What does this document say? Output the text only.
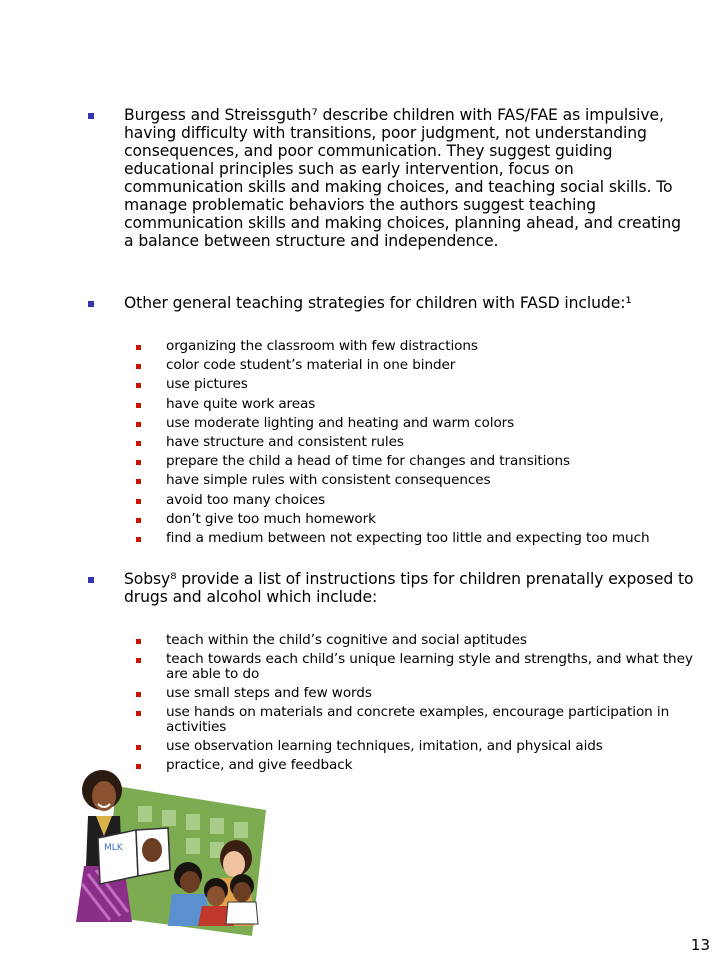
Burgess and Streissguth⁷ describe children with FAS/FAE as impulsive, having difficulty with transitions, poor judgment, not understanding consequences, and poor communication. They suggest guiding educational principles such as early intervention, focus on communication skills and making choices, and teaching social skills. To manage problematic behaviors the authors suggest teaching communication skills and making choices, planning ahead, and creating a balance between structure and independence.
Other general teaching strategies for children with FASD include:¹
organizing the classroom with few distractions
color code student’s material in one binder
use pictures
have quite work areas
use moderate lighting and heating and warm colors
have structure and consistent rules
prepare the child a head of time for changes and transitions
have simple rules with consistent consequences
avoid too many choices
don’t give too much homework
find a medium between not expecting too little and expecting too much
Sobsy⁸ provide a list of instructions tips for children prenatally exposed to drugs and alcohol which include:
teach within the child’s cognitive and social aptitudes
teach towards each child’s unique learning style and strengths, and what they are able to do
use small steps and few words
use hands on materials and concrete examples, encourage participation in activities
use observation learning techniques, imitation, and physical aids
practice, and give feedback
MLK
13
